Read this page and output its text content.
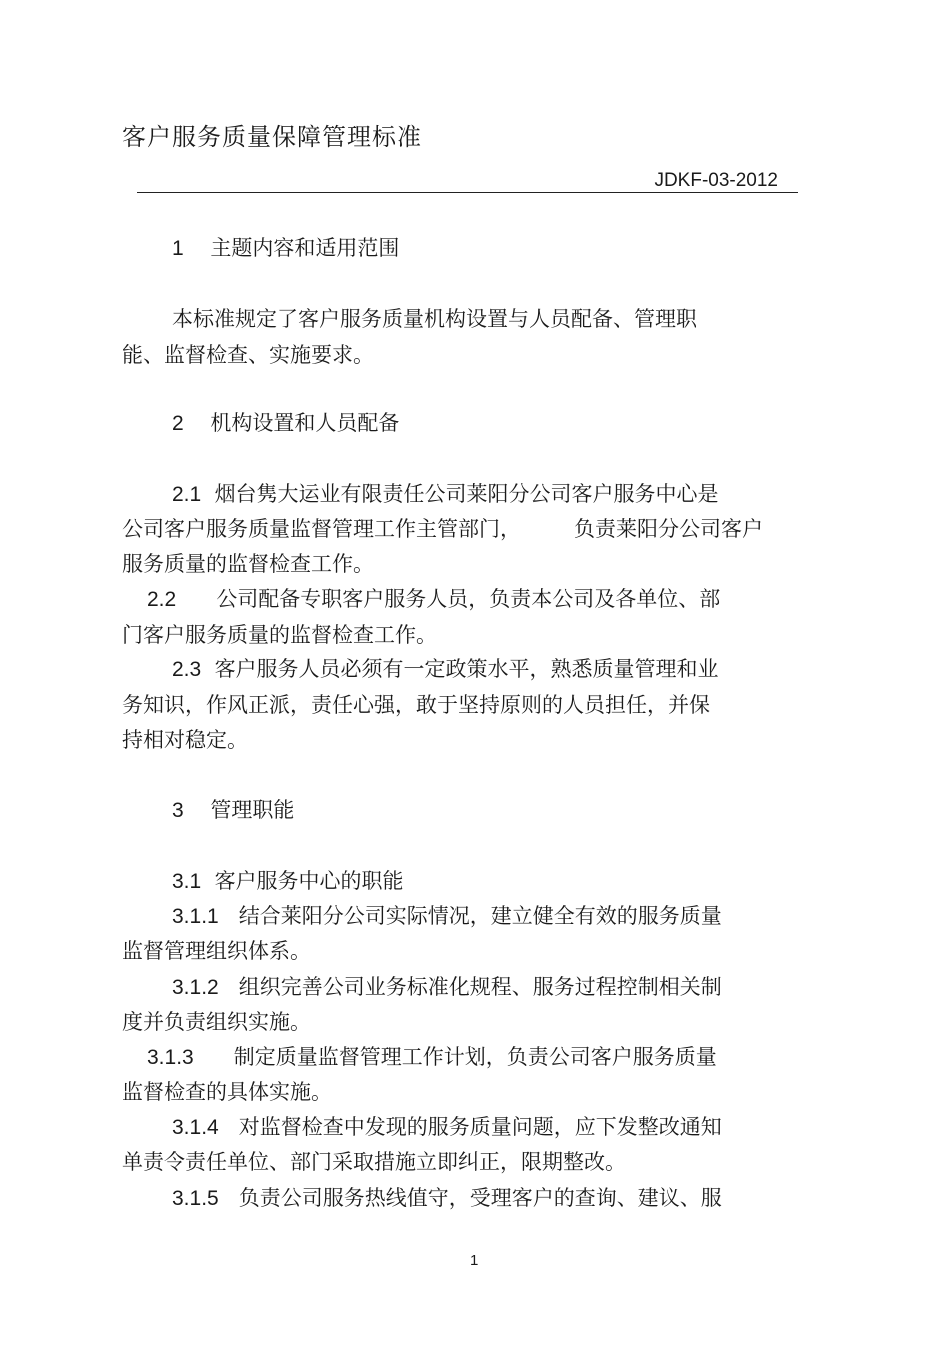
客户服务质量保障管理标准
JDKF-03-2012
1 主题内容和适用范围
本标准规定了客户服务质量机构设置与人员配备、管理职
能、监督检查、实施要求。
2 机构设置和人员配备
2.1 烟台隽大运业有限责任公司莱阳分公司客户服务中心是
公司客户服务质量监督管理工作主管部门，	负责莱阳分公司客户
服务质量的监督检查工作。
2.2 公司配备专职客户服务人员，负责本公司及各单位、部
门客户服务质量的监督检查工作。
2.3 客户服务人员必须有一定政策水平，熟悉质量管理和业
务知识，作风正派，责任心强，敢于坚持原则的人员担任，并保
持相对稳定。
3 管理职能
3.1 客户服务中心的职能
3.1.1 结合莱阳分公司实际情况，建立健全有效的服务质量
监督管理组织体系。
3.1.2 组织完善公司业务标准化规程、服务过程控制相关制
度并负责组织实施。
3.1.3 制定质量监督管理工作计划，负责公司客户服务质量
监督检查的具体实施。
3.1.4 对监督检查中发现的服务质量问题，应下发整改通知
单责令责任单位、部门采取措施立即纠正，限期整改。
3.1.5 负责公司服务热线值守，受理客户的查询、建议、服
1
